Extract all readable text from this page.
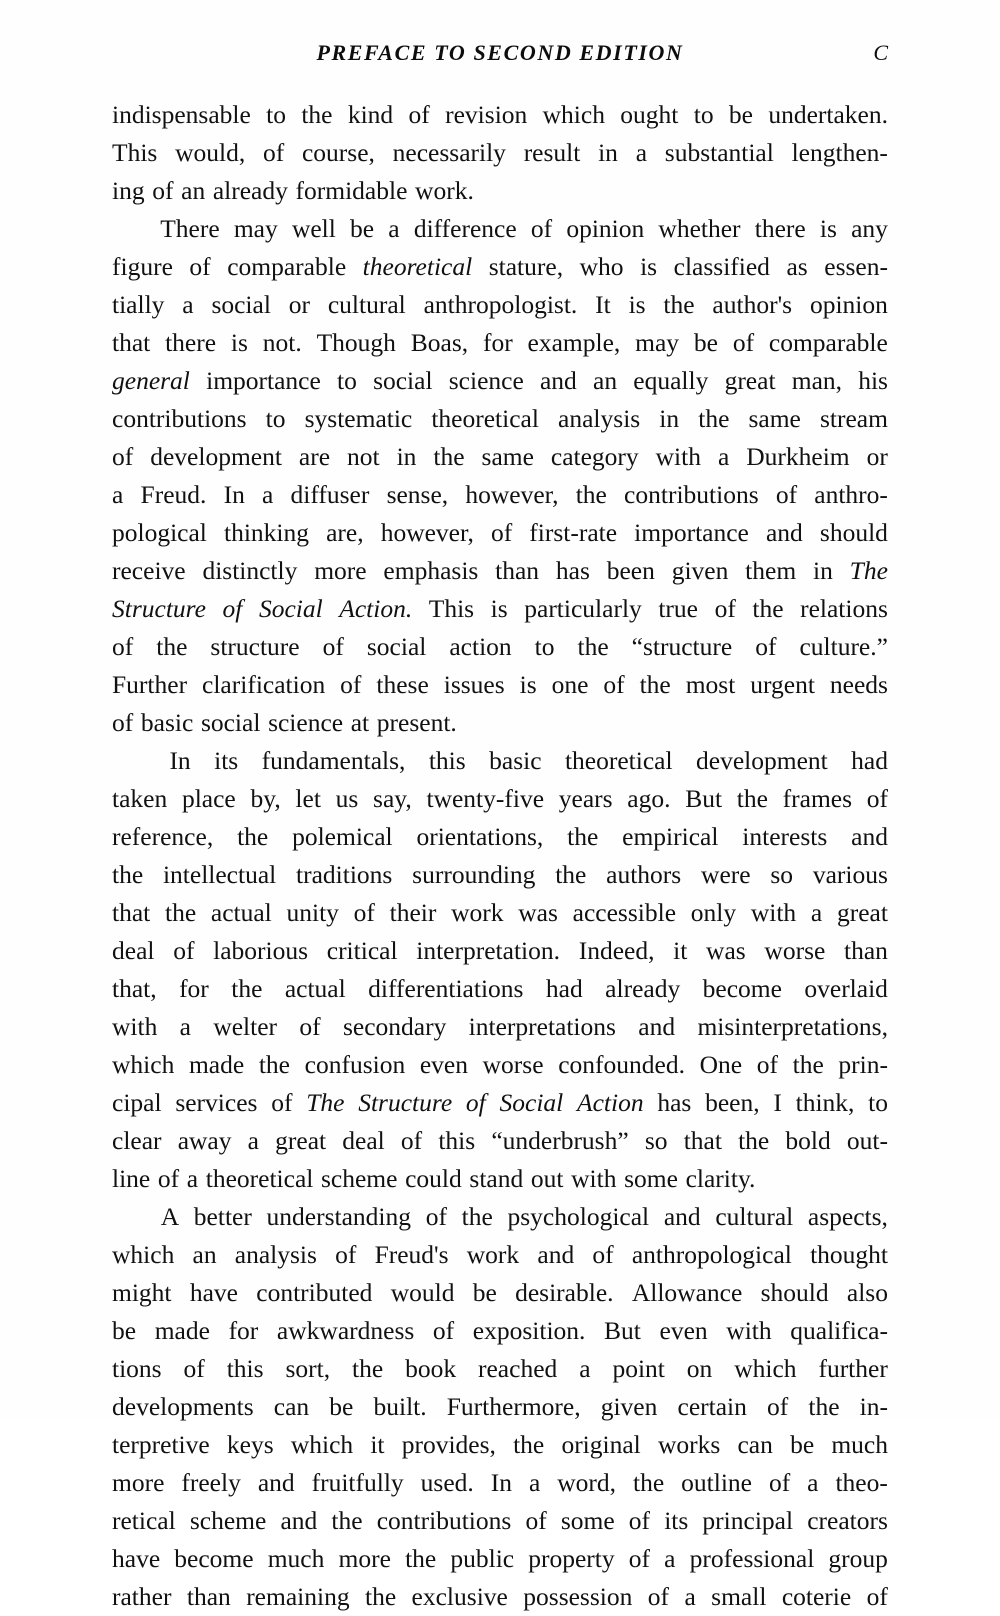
PREFACE TO SECOND EDITION	C

indispensable to the kind of revision which ought to be undertaken.
This would, of course, necessarily result in a substantial lengthen-
ing of an already formidable work.

There may well be a difference of opinion whether there is any
figure of comparable theoretical stature, who is classified as essen-
tially a social or cultural anthropologist. It is the author's opinion
that there is not. Though Boas, for example, may be of comparable
general importance to social science and an equally great man, his
contributions to systematic theoretical analysis in the same stream
of development are not in the same category with a Durkheim or
a Freud. In a diffuser sense, however, the contributions of anthro-
pological thinking are, however, of first-rate importance and should
receive distinctly more emphasis than has been given them in The
Structure of Social Action. This is particularly true of the relations
of the structure of social action to the “structure of culture.”
Further clarification of these issues is one of the most urgent needs
of basic social science at present.

In its fundamentals, this basic theoretical development had
taken place by, let us say, twenty-five years ago. But the frames of
reference, the polemical orientations, the empirical interests and
the intellectual traditions surrounding the authors were so various
that the actual unity of their work was accessible only with a great
deal of laborious critical interpretation. Indeed, it was worse than
that, for the actual differentiations had already become overlaid
with a welter of secondary interpretations and misinterpretations,
which made the confusion even worse confounded. One of the prin-
cipal services of The Structure of Social Action has been, I think, to
clear away a great deal of this “underbrush” so that the bold out-
line of a theoretical scheme could stand out with some clarity.

A better understanding of the psychological and cultural aspects,
which an analysis of Freud's work and of anthropological thought
might have contributed would be desirable. Allowance should also
be made for awkwardness of exposition. But even with qualifica-
tions of this sort, the book reached a point on which further
developments can be built. Furthermore, given certain of the in-
terpretive keys which it provides, the original works can be much
more freely and fruitfully used. In a word, the outline of a theo-
retical scheme and the contributions of some of its principal creators
have become much more the public property of a professional group
rather than remaining the exclusive possession of a small coterie of
